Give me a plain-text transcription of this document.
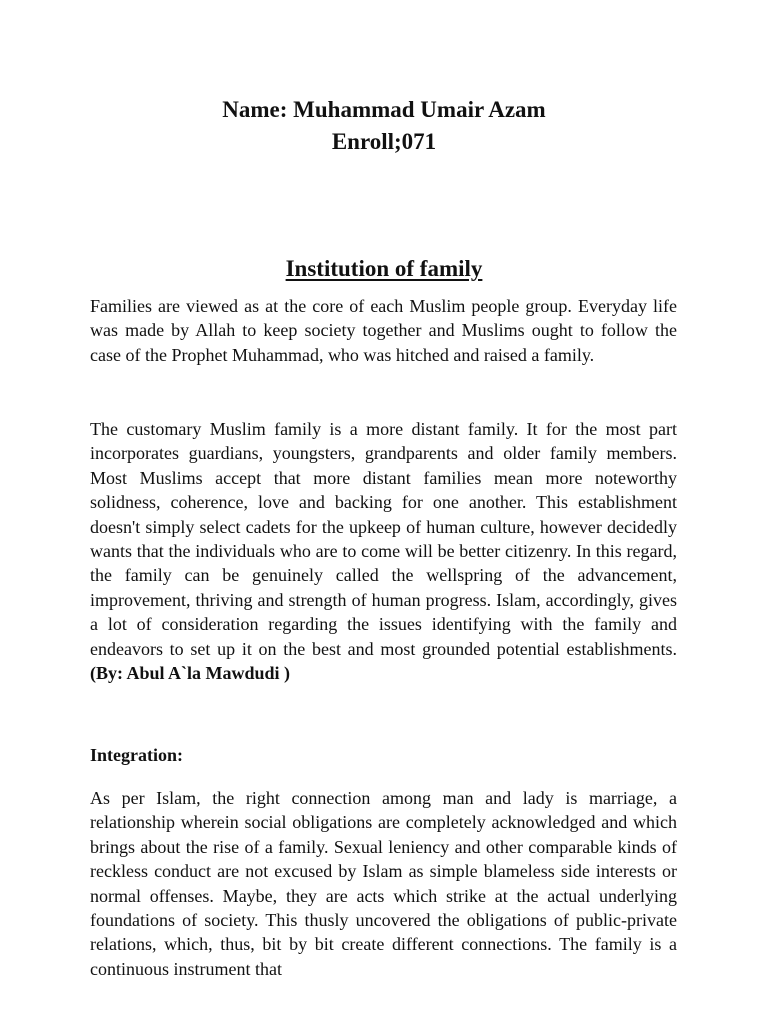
Name: Muhammad Umair Azam
Enroll;071
Institution of family

Families are viewed as at the core of each Muslim people group. Everyday life was made by Allah to keep society together and Muslims ought to follow the case of the Prophet Muhammad, who was hitched and raised a family.

The customary Muslim family is a more distant family. It for the most part incorporates guardians, youngsters, grandparents and older family members. Most Muslims accept that more distant families mean more noteworthy solidness, coherence, love and backing for one another. This establishment doesn't simply select cadets for the upkeep of human culture, however decidedly wants that the individuals who are to come will be better citizenry. In this regard, the family can be genuinely called the wellspring of the advancement, improvement, thriving and strength of human progress. Islam, accordingly, gives a lot of consideration regarding the issues identifying with the family and endeavors to set up it on the best and most grounded potential establishments. (By: Abul A`la Mawdudi )

Integration:

As per Islam, the right connection among man and lady is marriage, a relationship wherein social obligations are completely acknowledged and which brings about the rise of a family. Sexual leniency and other comparable kinds of reckless conduct are not excused by Islam as simple blameless side interests or normal offenses. Maybe, they are acts which strike at the actual underlying foundations of society. This thusly uncovered the obligations of public-private relations, which, thus, bit by bit create different connections. The family is a continuous instrument that
